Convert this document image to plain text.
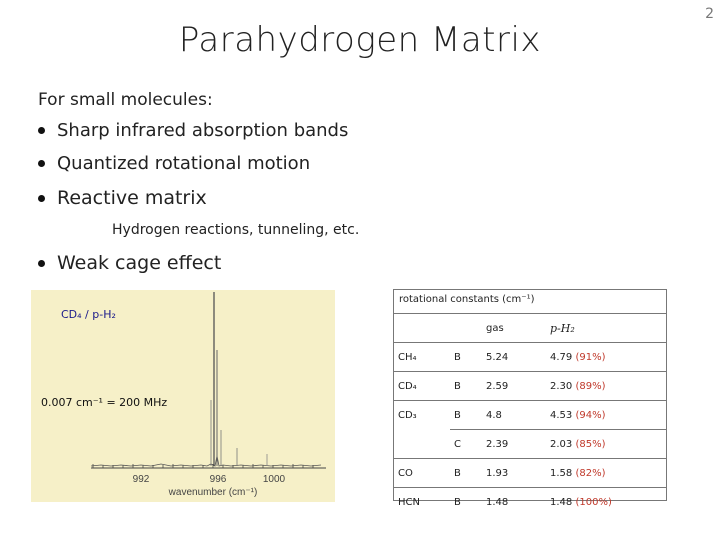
2
Parahydrogen Matrix
For small molecules:
Sharp infrared absorption bands
Quantized rotational motion
Reactive matrix
Hydrogen reactions, tunneling, etc.
Weak cage effect
992	996	1000
wavenumber (cm⁻¹)
CD₄ / p-H₂
0.007 cm⁻¹ = 200 MHz
rotational constants (cm⁻¹)
		gas	p-H₂
CH₄	B	5.24	4.79 (91%)
CD₄	B	2.59	2.30 (89%)
CD₃	B	4.8	4.53 (94%)
	C	2.39	2.03 (85%)
CO	B	1.93	1.58 (82%)
HCN	B	1.48	1.48 (100%)
